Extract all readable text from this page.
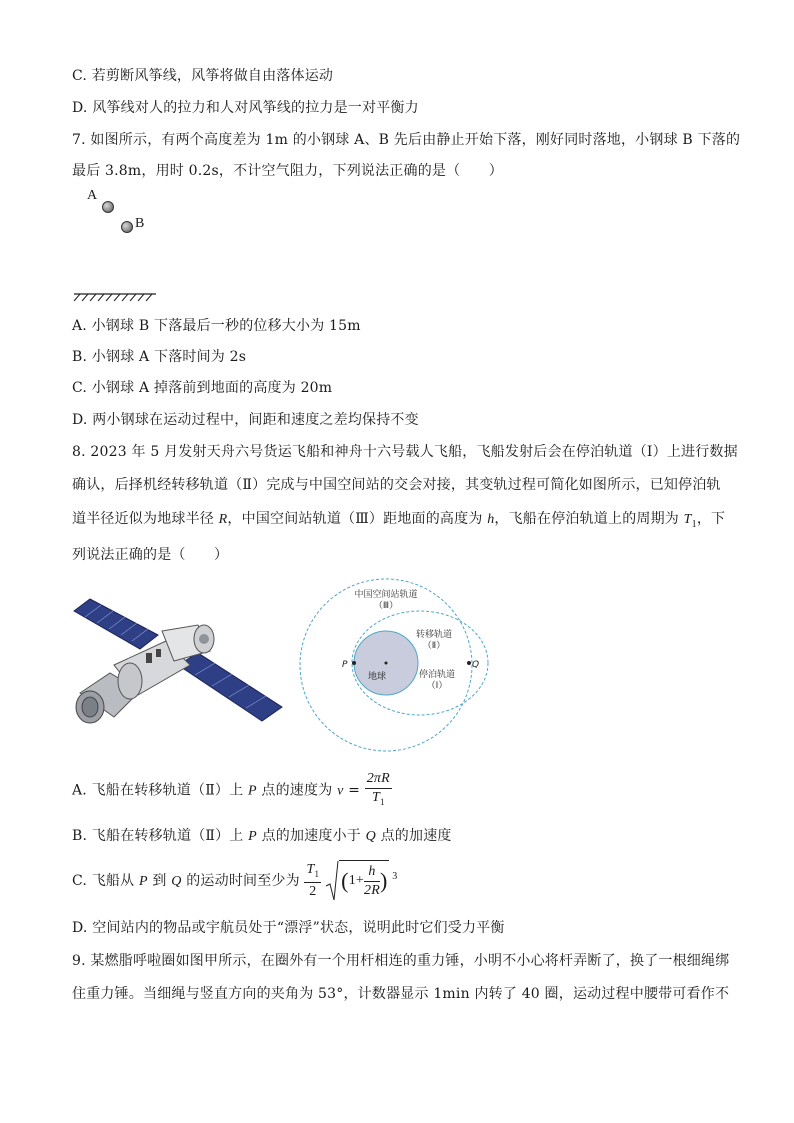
C. 若剪断风筝线，风筝将做自由落体运动
D. 风筝线对人的拉力和人对风筝线的拉力是一对平衡力
7. 如图所示，有两个高度差为 1m 的小钢球 A、B 先后由静止开始下落，刚好同时落地，小钢球 B 下落的
最后 3.8m，用时 0.2s，不计空气阻力，下列说法正确的是（　　）
A
B
A. 小钢球 B 下落最后一秒的位移大小为 15m
B. 小钢球 A 下落时间为 2s
C. 小钢球 A 掉落前到地面的高度为 20m
D. 两小钢球在运动过程中，间距和速度之差均保持不变
8. 2023 年 5 月发射天舟六号货运飞船和神舟十六号载人飞船，飞船发射后会在停泊轨道（Ⅰ）上进行数据
确认，后择机经转移轨道（Ⅱ）完成与中国空间站的交会对接，其变轨过程可简化如图所示，已知停泊轨
道半径近似为地球半径 R，中国空间站轨道（Ⅲ）距地面的高度为 h，飞船在停泊轨道上的周期为 $T_1$，下
列说法正确的是（　　）
中国空间站轨道
（Ⅲ）
转移轨道
（Ⅱ）
停泊轨道
（Ⅰ）
地球
P	Q
A. 飞船在转移轨道（Ⅱ）上 P 点的速度为 $v = \frac{2\pi R}{T_1}$
B. 飞船在转移轨道（Ⅱ）上 P 点的加速度小于 Q 点的加速度
C. 飞船从 P 到 Q 的运动时间至少为 $\frac{T_1}{2} (1+ \frac{h}{2R}$ ) 3
D. 空间站内的物品或宇航员处于“漂浮”状态，说明此时它们受力平衡
9. 某燃脂呼啦圈如图甲所示，在圈外有一个用杆相连的重力锤，小明不小心将杆弄断了，换了一根细绳绑
住重力锤。当细绳与竖直方向的夹角为 53°，计数器显示 1min 内转了 40 圈，运动过程中腰带可看作不
